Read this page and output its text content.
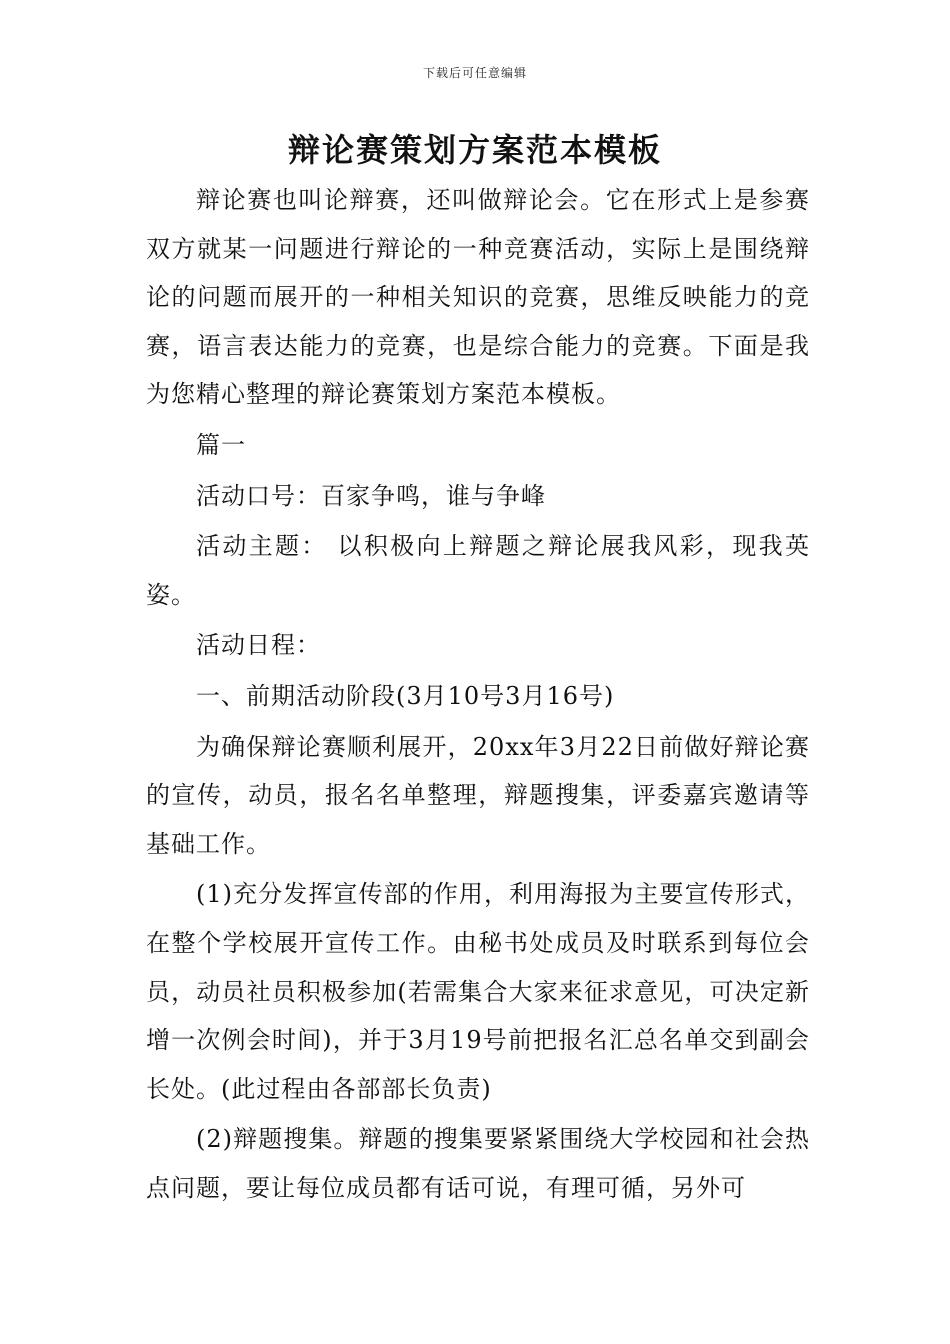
下载后可任意编辑
辩论赛策划方案范本模板

辩论赛也叫论辩赛，还叫做辩论会。它在形式上是参赛双方就某一问题进行辩论的一种竞赛活动，实际上是围绕辩论的问题而展开的一种相关知识的竞赛，思维反映能力的竞赛，语言表达能力的竞赛，也是综合能力的竞赛。下面是我为您精心整理的辩论赛策划方案范本模板。

篇一

活动口号：百家争鸣，谁与争峰

活动主题： 以积极向上辩题之辩论展我风彩，现我英姿。

活动日程：

一、前期活动阶段(3月10号3月16号)

为确保辩论赛顺利展开，20xx年3月22日前做好辩论赛的宣传，动员，报名名单整理，辩题搜集，评委嘉宾邀请等基础工作。

(1)充分发挥宣传部的作用，利用海报为主要宣传形式，在整个学校展开宣传工作。由秘书处成员及时联系到每位会员，动员社员积极参加(若需集合大家来征求意见，可决定新增一次例会时间)，并于3月19号前把报名汇总名单交到副会长处。(此过程由各部部长负责)

(2)辩题搜集。辩题的搜集要紧紧围绕大学校园和社会热点问题，要让每位成员都有话可说，有理可循，另外可
